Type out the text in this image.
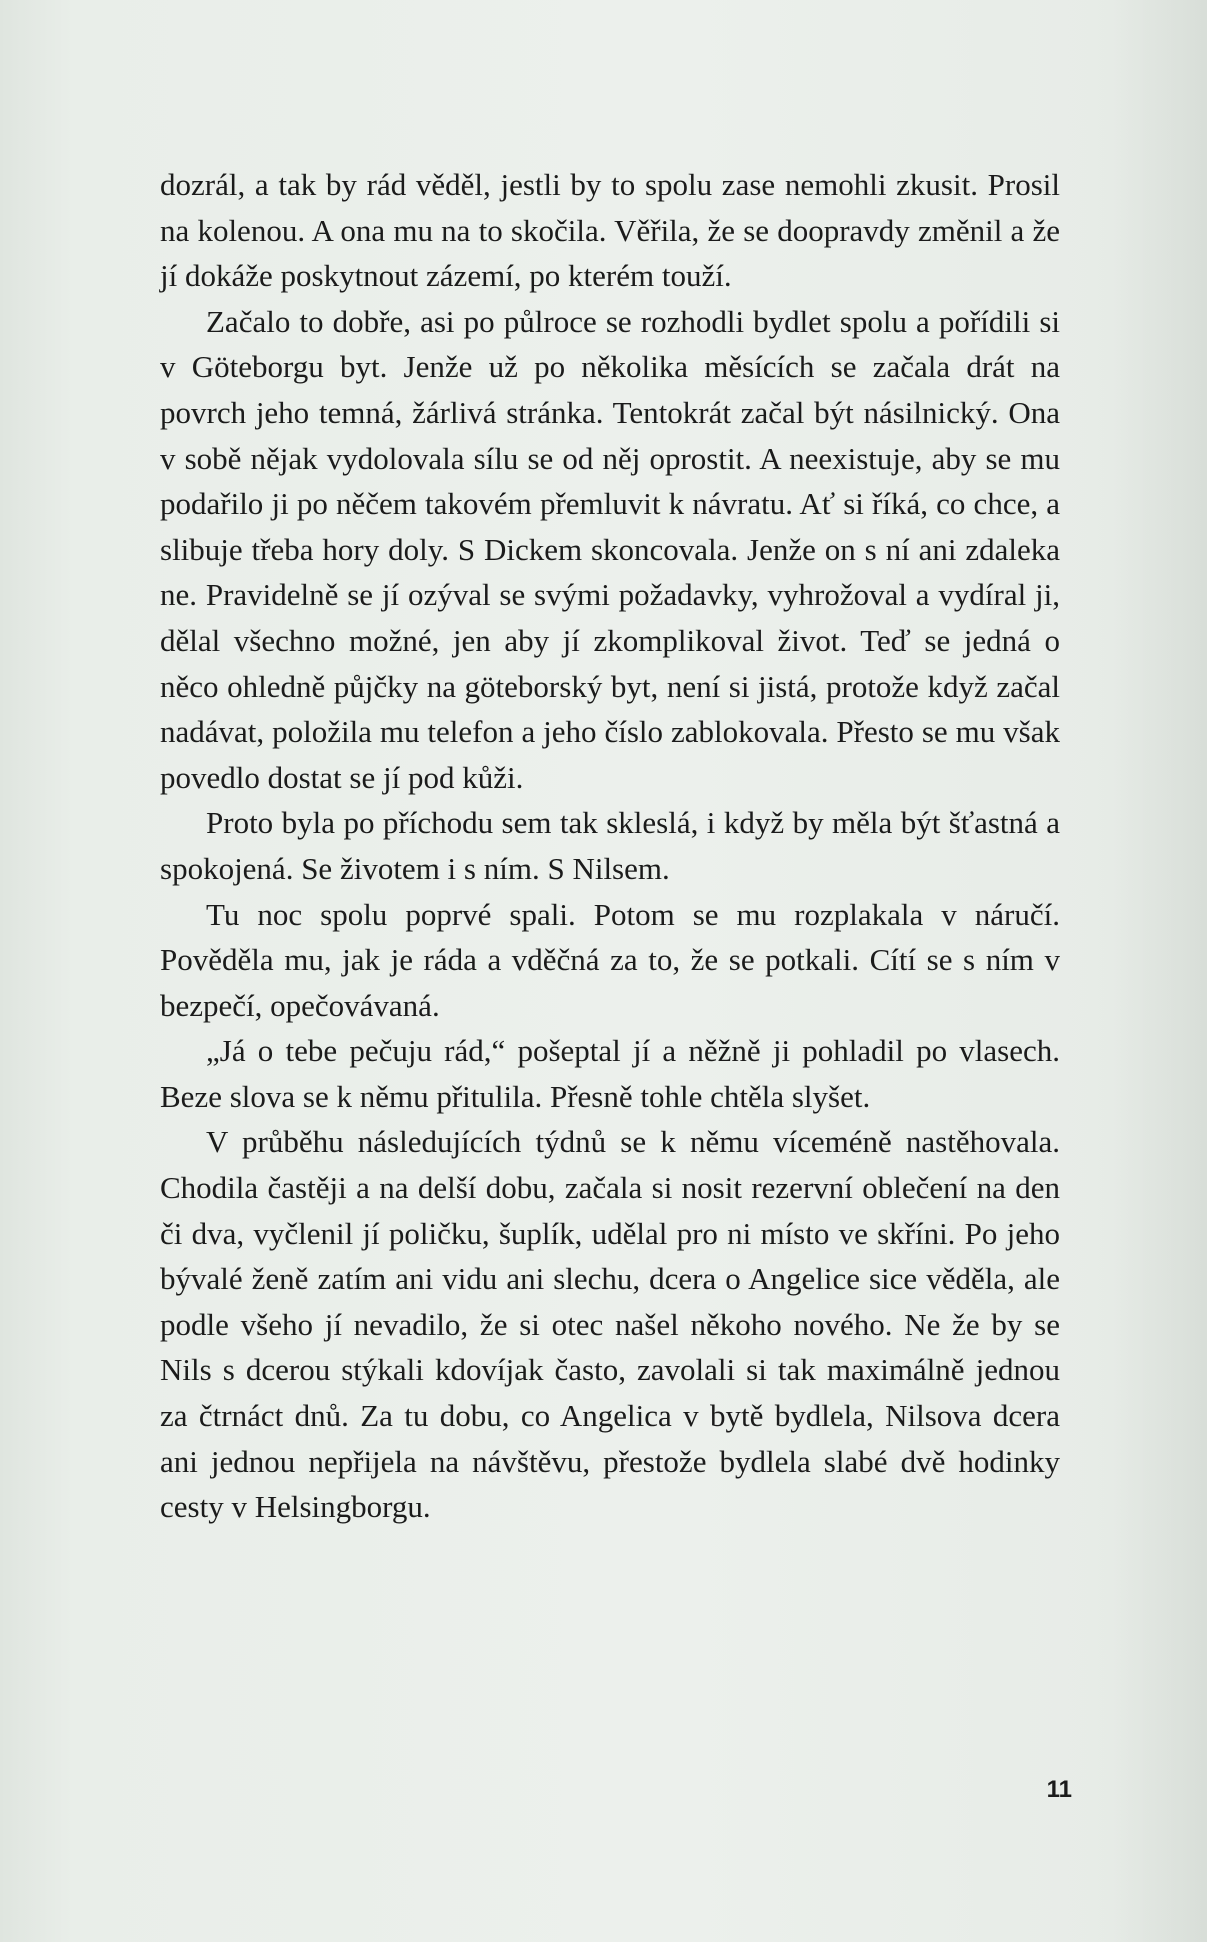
dozrál, a tak by rád věděl, jestli by to spolu zase nemohli zkusit. Prosil na kolenou. A ona mu na to skočila. Věřila, že se doopravdy změnil a že jí dokáže poskytnout zázemí, po kterém touží.

Začalo to dobře, asi po půlroce se rozhodli bydlet spolu a pořídili si v Göteborgu byt. Jenže už po několika měsících se začala drát na povrch jeho temná, žárlivá stránka. Tentokrát začal být násilnický. Ona v sobě nějak vydolovala sílu se od něj oprostit. A neexistuje, aby se mu podařilo ji po něčem takovém přemluvit k návratu. Ať si říká, co chce, a slibuje třeba hory doly. S Dickem skoncovala. Jenže on s ní ani zdaleka ne. Pravidelně se jí ozýval se svými požadavky, vyhrožoval a vydíral ji, dělal všechno možné, jen aby jí zkomplikoval život. Teď se jedná o něco ohledně půjčky na göteborský byt, není si jistá, protože když začal nadávat, položila mu telefon a jeho číslo zablokovala. Přesto se mu však povedlo dostat se jí pod kůži.

Proto byla po příchodu sem tak skleslá, i když by měla být šťastná a spokojená. Se životem i s ním. S Nilsem.

Tu noc spolu poprvé spali. Potom se mu rozplakala v náručí. Pověděla mu, jak je ráda a vděčná za to, že se potkali. Cítí se s ním v bezpečí, opečovávaná.

„Já o tebe pečuju rád,“ pošeptal jí a něžně ji pohladil po vlasech. Beze slova se k němu přitulila. Přesně tohle chtěla slyšet.

V průběhu následujících týdnů se k němu víceméně nastěhovala. Chodila častěji a na delší dobu, začala si nosit rezervní oblečení na den či dva, vyčlenil jí poličku, šuplík, udělal pro ni místo ve skříni. Po jeho bývalé ženě zatím ani vidu ani slechu, dcera o Angelice sice věděla, ale podle všeho jí nevadilo, že si otec našel někoho nového. Ne že by se Nils s dcerou stýkali kdovíjak často, zavolali si tak maximálně jednou za čtrnáct dnů. Za tu dobu, co Angelica v bytě bydlela, Nilsova dcera ani jednou nepřijela na návštěvu, přestože bydlela slabé dvě hodinky cesty v Helsingborgu.

11
